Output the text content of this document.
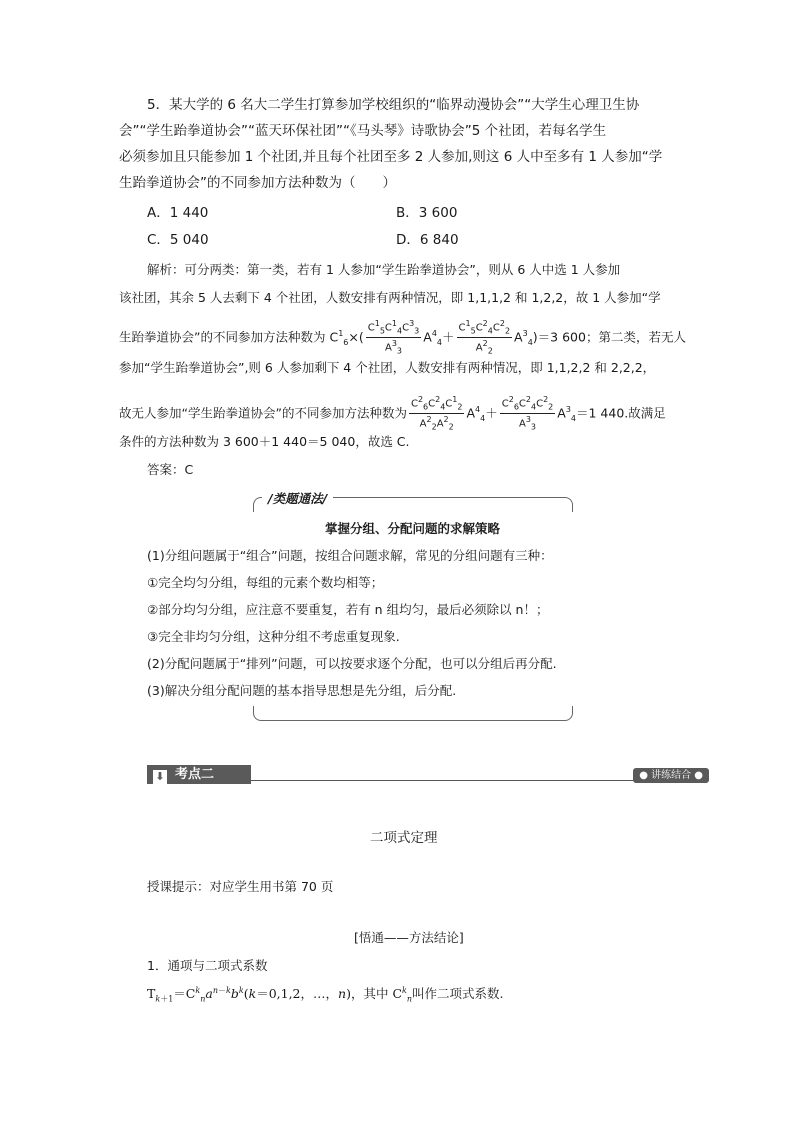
5．某大学的 6 名大二学生打算参加学校组织的“临界动漫协会”“大学生心理卫生协
会”“学生跆拳道协会”“蓝天环保社团”“《马头琴》诗歌协会”5 个社团，若每名学生
必须参加且只能参加 1 个社团,并且每个社团至多 2 人参加,则这 6 人中至多有 1 人参加“学
生跆拳道协会”的不同参加方法种数为（　　）
A．1 440	B．3 600
C．5 040	D．6 840
解析：可分两类：第一类，若有 1 人参加“学生跆拳道协会”，则从 6 人中选 1 人参加
该社团，其余 5 人去剩下 4 个社团，人数安排有两种情况，即 1,1,1,2 和 1,2,2，故 1 人参加“学
生跆拳道协会”的不同参加方法种数为 $C^1_6\times( \frac{C^1_5C^1_4C^3_3}{A^3_3} A^4_4+ \frac{C^1_5C^2_4C^2_2}{A^2_2} A^3_4)=3$ 600；第二类，若无人
参加“学生跆拳道协会”,则 6 人参加剩下 4 个社团，人数安排有两种情况，即 1,1,2,2 和 2,2,2，
故无人参加“学生跆拳道协会”的不同参加方法种数为 $\frac{C^2_6C^2_4C^1_2}{A^2_2A^2_2} A^4_4+ \frac{C^2_6C^2_4C^2_2}{A^3_3} A^3_4=1$ 440.故满足
条件的方法种数为 3 600＋1 440＝5 040，故选 C.
答案：C
/类题通法/
掌握分组、分配问题的求解策略
(1)分组问题属于“组合”问题，按组合问题求解，常见的分组问题有三种：
①完全均匀分组，每组的元素个数均相等；
②部分均匀分组，应注意不要重复，若有 n 组均匀，最后必须除以 n！；
③完全非均匀分组，这种分组不考虑重复现象.
(2)分配问题属于“排列”问题，可以按要求逐个分配，也可以分组后再分配.
(3)解决分组分配问题的基本指导思想是先分组，后分配.
⬇ 考点二	● 讲练结合 ●
二项式定理
授课提示：对应学生用书第 70 页
[悟通——方法结论]
1．通项与二项式系数
$T_{k+1}=C^k_na^{n-k}b^k(k=0,1,2$，…，n)，其中 $C^k_n$叫作二项式系数.
